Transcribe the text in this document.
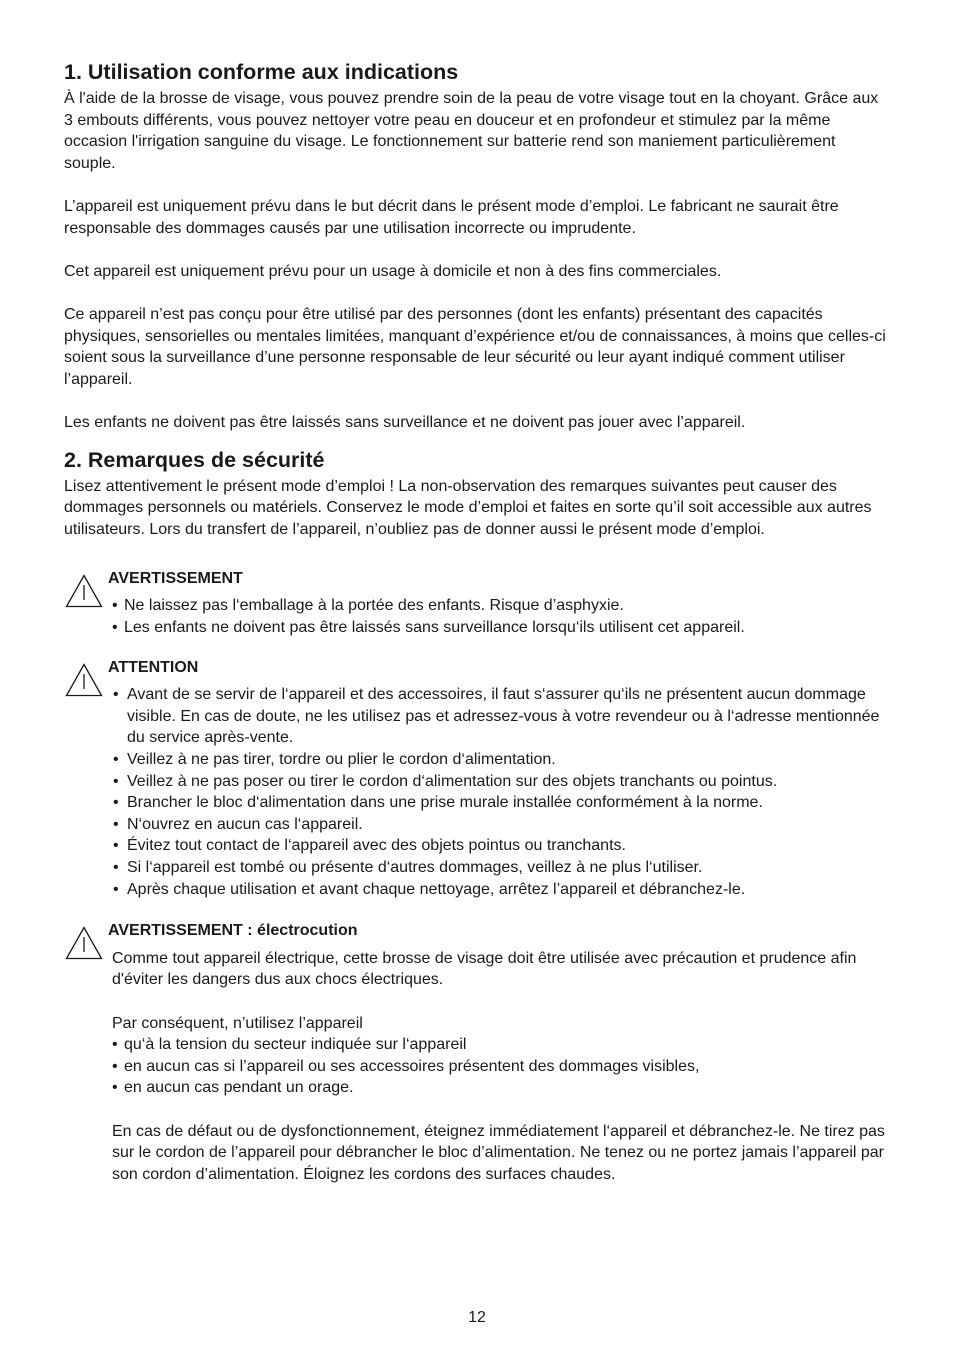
1. Utilisation conforme aux indications

À l'aide de la brosse de visage, vous pouvez prendre soin de la peau de votre visage tout en la choyant. Grâce aux 3 embouts différents, vous pouvez nettoyer votre peau en douceur et en profondeur et stimulez par la même occasion l'irrigation sanguine du visage. Le fonctionnement sur batterie rend son maniement particulièrement souple.

L’appareil est uniquement prévu dans le but décrit dans le présent mode d’emploi. Le fabricant ne saurait être responsable des dommages causés par une utilisation incorrecte ou imprudente.

Cet appareil est uniquement prévu pour un usage à domicile et non à des fins commerciales.

Ce appareil n’est pas conçu pour être utilisé par des personnes (dont les enfants) présentant des capacités physiques, sensorielles ou mentales limitées, manquant d’expérience et/ou de connaissances, à moins que celles-ci soient sous la surveillance d’une personne responsable de leur sécurité ou leur ayant indiqué comment utiliser l’appareil.

Les enfants ne doivent pas être laissés sans surveillance et ne doivent pas jouer avec l’appareil.

2. Remarques de sécurité

Lisez attentivement le présent mode d’emploi ! La non-observation des remarques suivantes peut causer des dommages personnels ou matériels. Conservez le mode d’emploi et faites en sorte qu’il soit accessible aux autres utilisateurs. Lors du transfert de l’appareil, n’oubliez pas de donner aussi le présent mode d’emploi.

AVERTISSEMENT
• Ne laissez pas l‘emballage à la portée des enfants. Risque d’asphyxie.
• Les enfants ne doivent pas être laissés sans surveillance lorsqu‘ils utilisent cet appareil.
ATTENTION
• Avant de se servir de l‘appareil et des accessoires, il faut s‘assurer qu‘ils ne présentent aucun dommage visible. En cas de doute, ne les utilisez pas et adressez-vous à votre revendeur ou à l‘adresse mentionnée du service après-vente.
• Veillez à ne pas tirer, tordre ou plier le cordon d‘alimentation.
• Veillez à ne pas poser ou tirer le cordon d‘alimentation sur des objets tranchants ou pointus.
• Brancher le bloc d‘alimentation dans une prise murale installée conformément à la norme.
• N‘ouvrez en aucun cas l‘appareil.
• Évitez tout contact de l‘appareil avec des objets pointus ou tranchants.
• Si l‘appareil est tombé ou présente d‘autres dommages, veillez à ne plus l‘utiliser.
• Après chaque utilisation et avant chaque nettoyage, arrêtez l’appareil et débranchez-le.
AVERTISSEMENT : électrocution

Comme tout appareil électrique, cette brosse de visage doit être utilisée avec précaution et prudence afin d'éviter les dangers dus aux chocs électriques.

Par conséquent, n’utilisez l’appareil

• qu‘à la tension du secteur indiquée sur l‘appareil
• en aucun cas si l’appareil ou ses accessoires présentent des dommages visibles,
• en aucun cas pendant un orage.

En cas de défaut ou de dysfonctionnement, éteignez immédiatement l‘appareil et débranchez-le. Ne tirez pas sur le cordon de l’appareil pour débrancher le bloc d’alimentation. Ne tenez ou ne portez jamais l’appareil par son cordon d’alimentation. Éloignez les cordons des surfaces chaudes.

12
